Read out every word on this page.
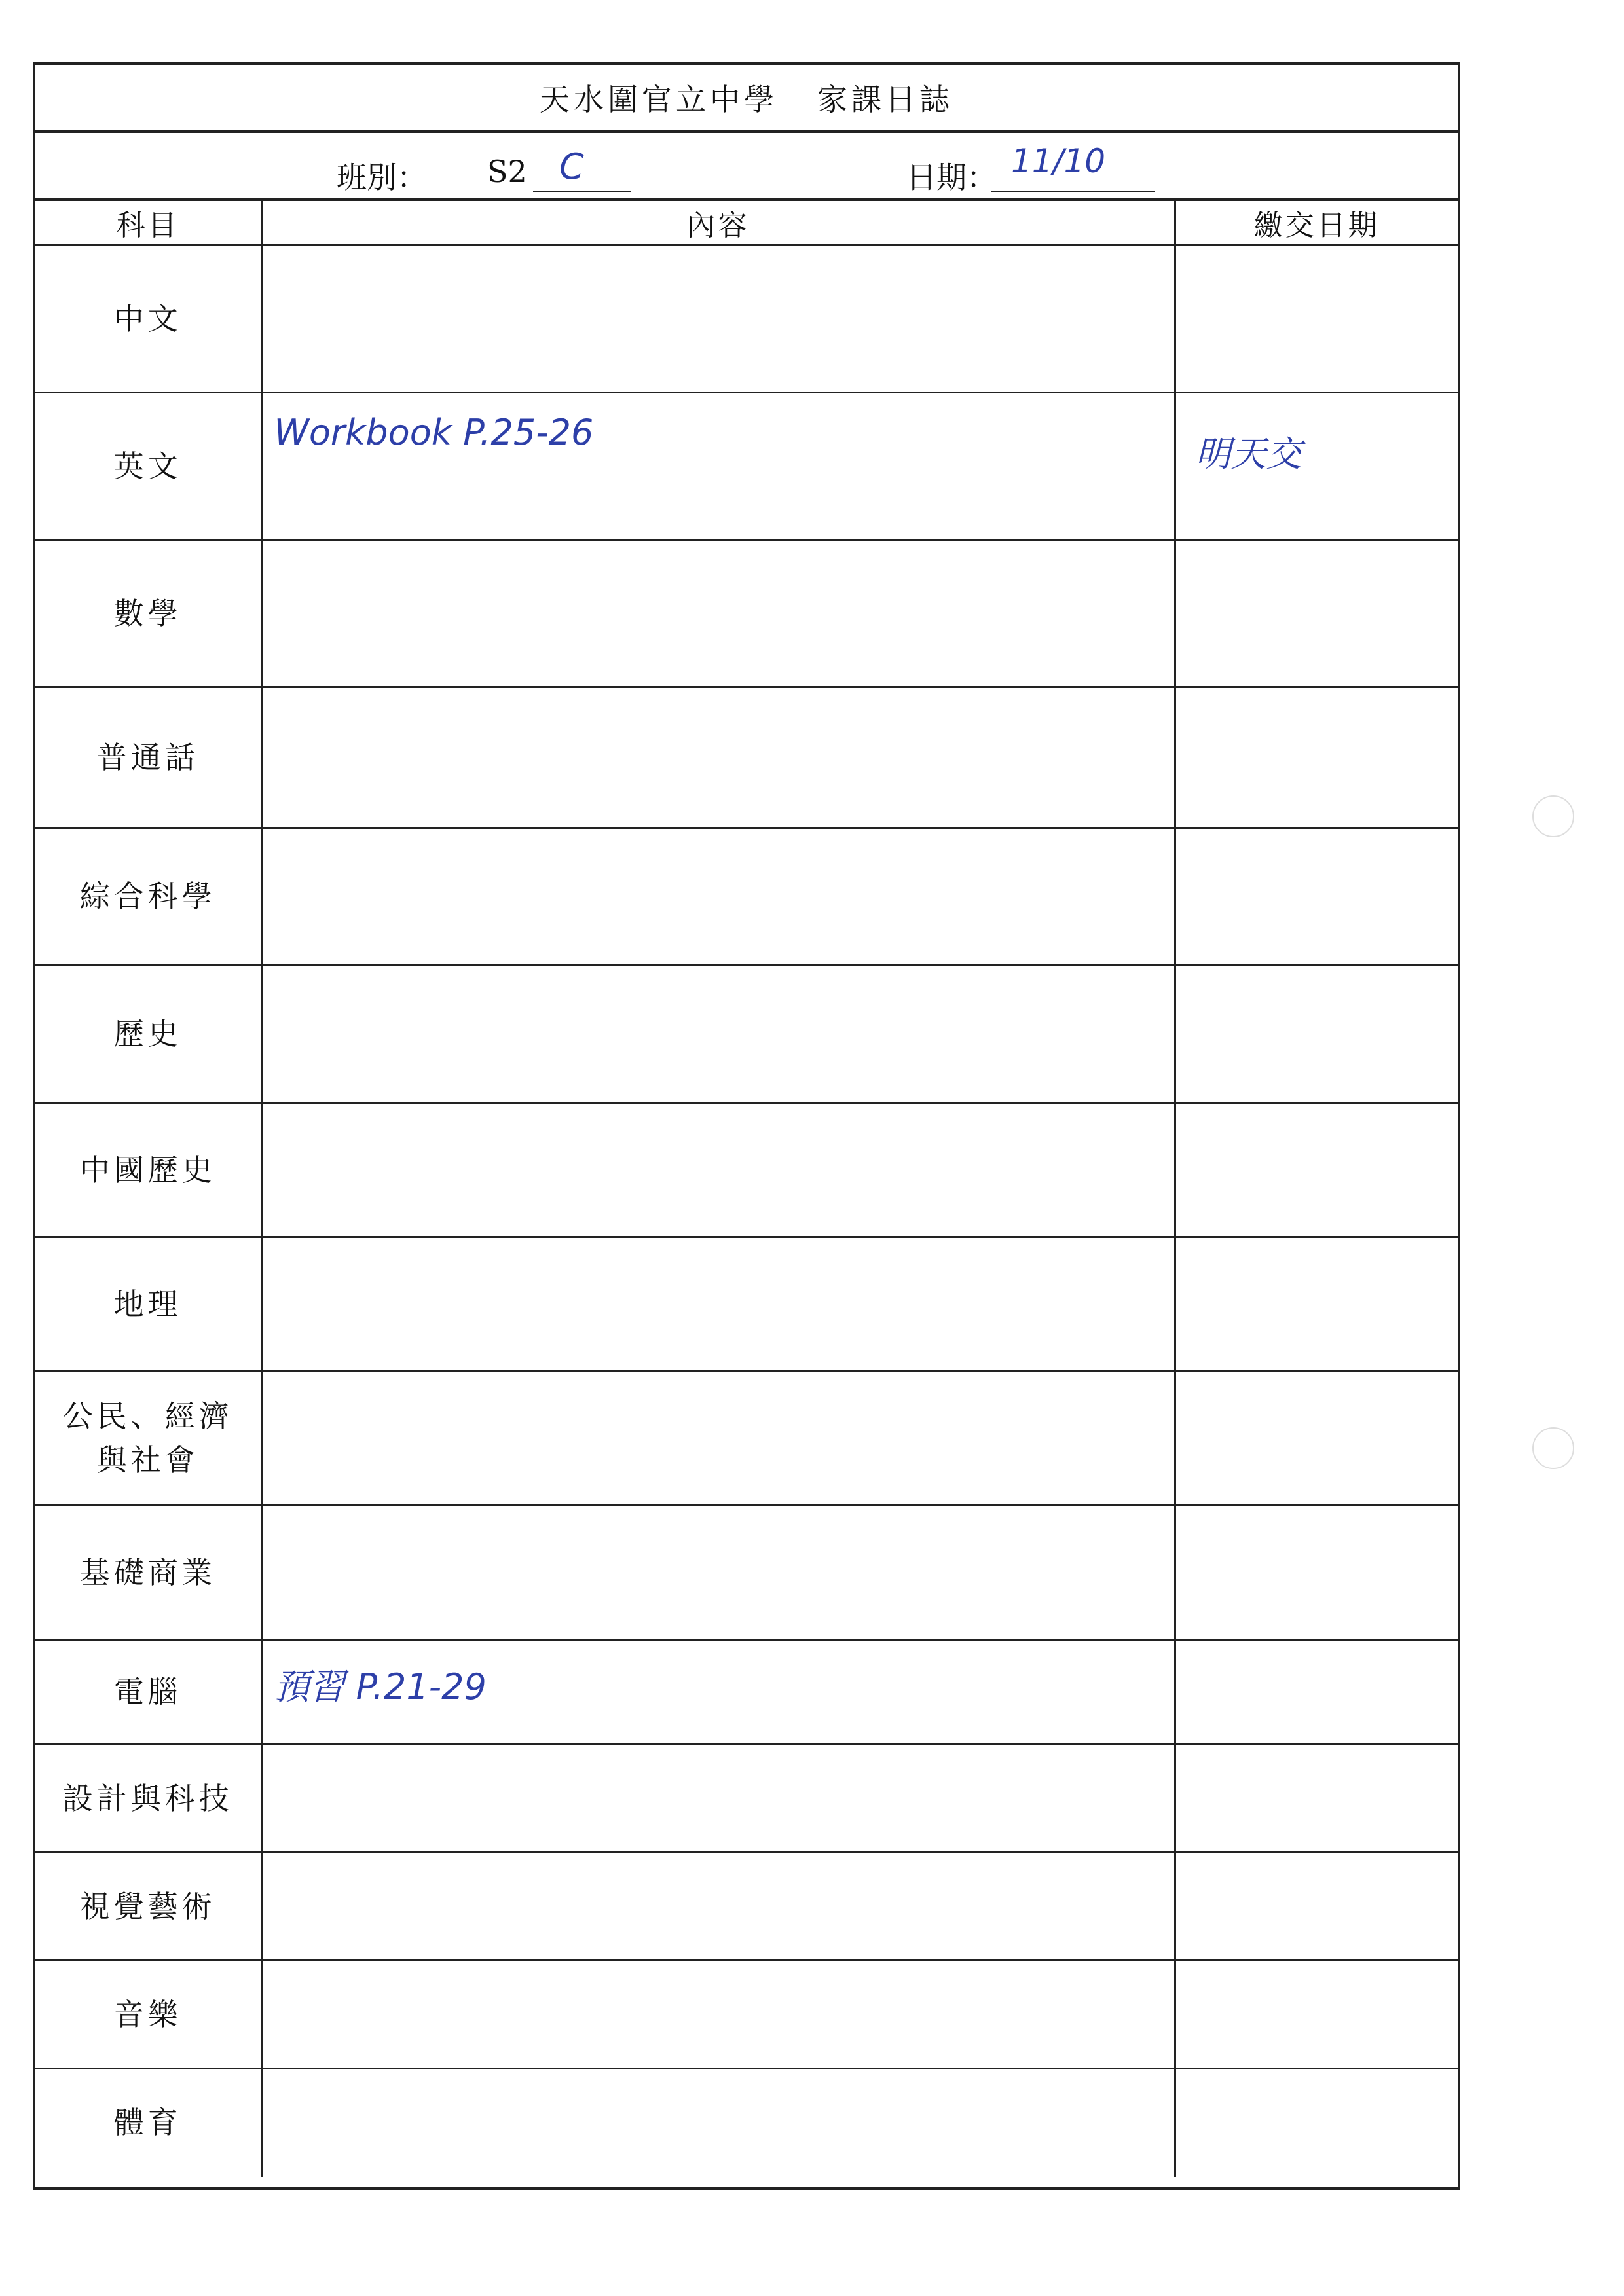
天水圍官立中學 家課日誌
班別： S2 C	日期： 11/10
科目	內容	繳交日期
中文	

英文	Workbook P.25-26	明天交

數學	

普通話	

綜合科學	

歷史	

中國歷史	

地理	

公民、經濟與社會	

基礎商業	

電腦	預習 P.21-29	

設計與科技	

視覺藝術	

音樂	

體育	
